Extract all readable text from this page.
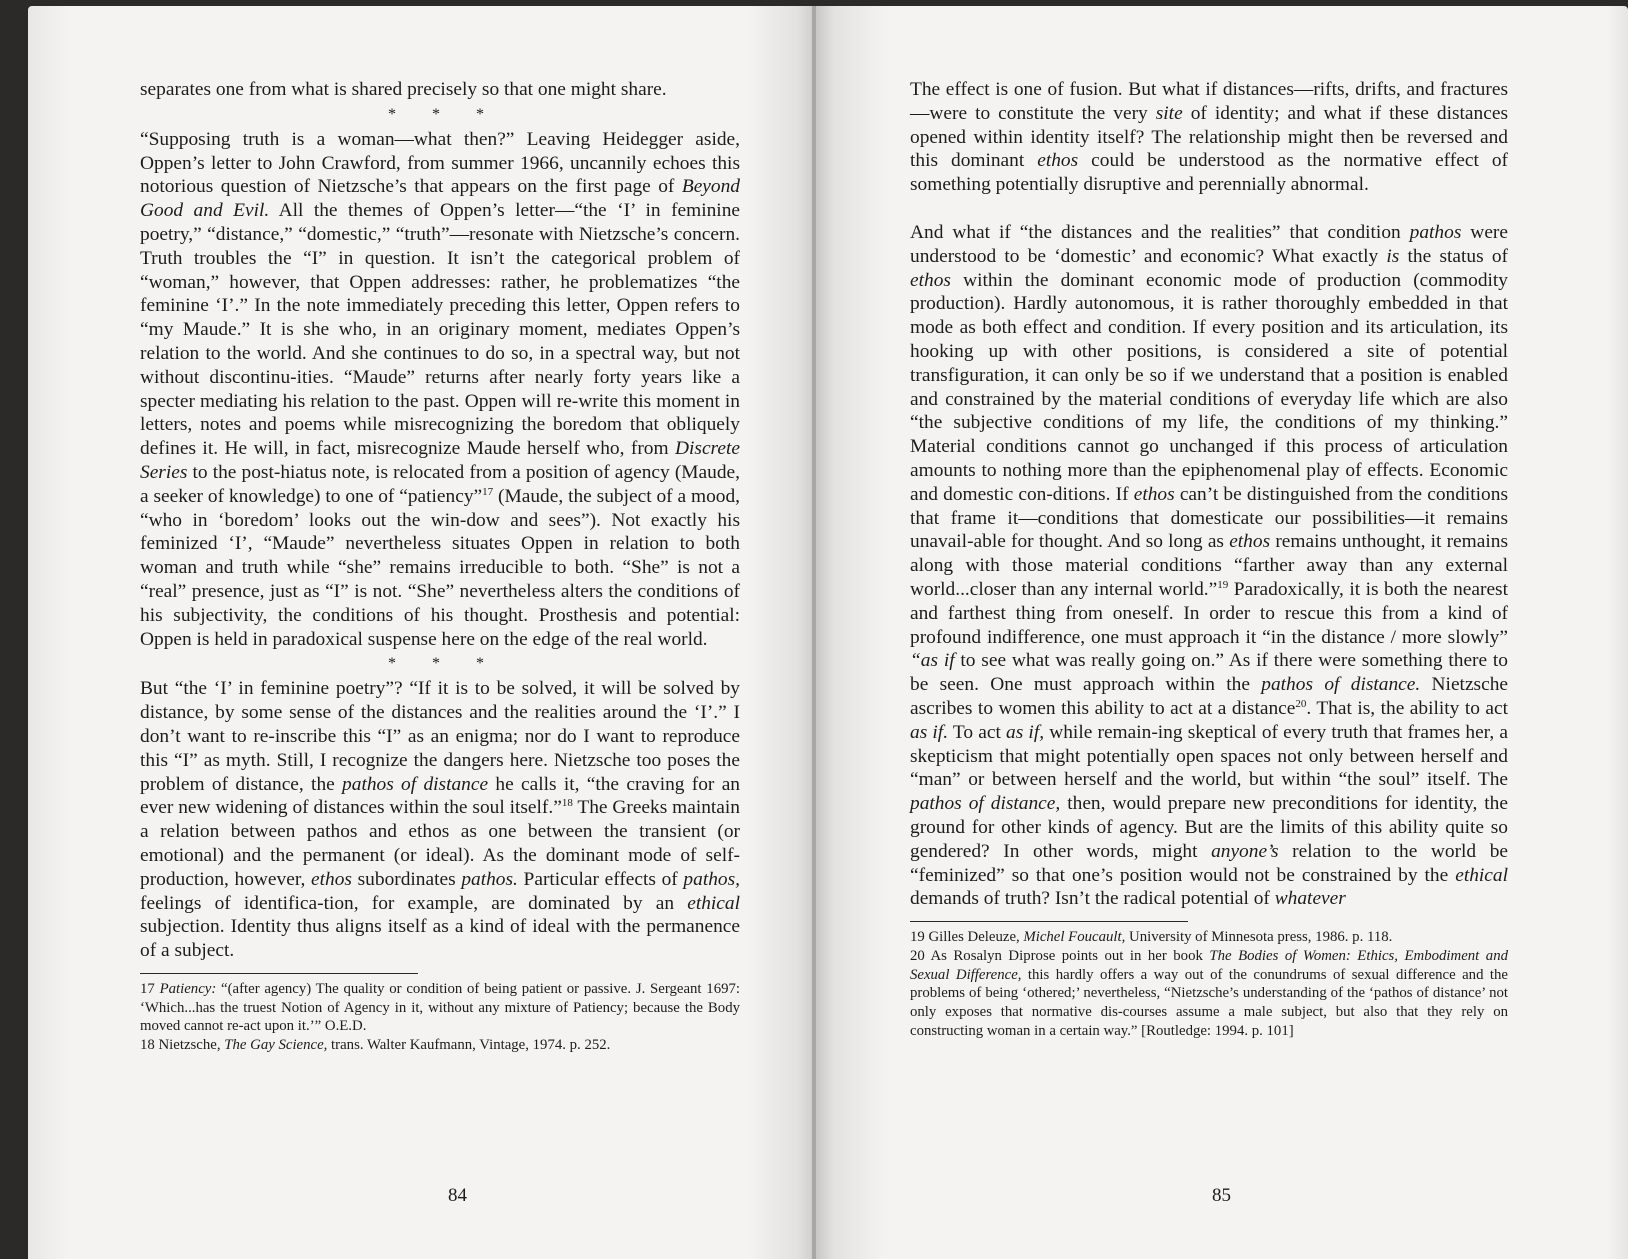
separates one from what is shared precisely so that one might share.

* * *

“Supposing truth is a woman—what then?” Leaving Heidegger aside, Oppen’s letter to John Crawford, from summer 1966, uncannily echoes this notorious question of Nietzsche’s that appears on the first page of Beyond Good and Evil. All the themes of Oppen’s letter—“the ‘I’ in feminine poetry,” “distance,” “domestic,” “truth”—resonate with Nietzsche’s concern. Truth troubles the “I” in question. It isn’t the categorical problem of “woman,” however, that Oppen addresses: rather, he problematizes “the feminine ‘I’.” In the note immediately preceding this letter, Oppen refers to “my Maude.” It is she who, in an originary moment, mediates Oppen’s relation to the world. And she continues to do so, in a spectral way, but not without discontinu-ities. “Maude” returns after nearly forty years like a specter mediating his relation to the past. Oppen will re-write this moment in letters, notes and poems while misrecognizing the boredom that obliquely defines it. He will, in fact, misrecognize Maude herself who, from Discrete Series to the post-hiatus note, is relocated from a position of agency (Maude, a seeker of knowledge) to one of “patiency”$^{17}$ (Maude, the subject of a mood, “who in ‘boredom’ looks out the win-dow and sees”). Not exactly his feminized ‘I’, “Maude” nevertheless situates Oppen in relation to both woman and truth while “she” remains irreducible to both. “She” is not a “real” presence, just as “I” is not. “She” nevertheless alters the conditions of his subjectivity, the conditions of his thought. Prosthesis and potential: Oppen is held in paradoxical suspense here on the edge of the real world.

* * *

But “the ‘I’ in feminine poetry”? “If it is to be solved, it will be solved by distance, by some sense of the distances and the realities around the ‘I’.” I don’t want to re-inscribe this “I” as an enigma; nor do I want to reproduce this “I” as myth. Still, I recognize the dangers here. Nietzsche too poses the problem of distance, the pathos of distance he calls it, “the craving for an ever new widening of distances within the soul itself.”$^{18}$ The Greeks maintain a relation between pathos and ethos as one between the transient (or emotional) and the permanent (or ideal). As the dominant mode of self-production, however, ethos subordinates pathos. Particular effects of pathos, feelings of identifica-tion, for example, are dominated by an ethical subjection. Identity thus aligns itself as a kind of ideal with the permanence of a subject.

17 Patiency: “(after agency) The quality or condition of being patient or passive. J. Sergeant 1697: ‘Which...has the truest Notion of Agency in it, without any mixture of Patiency; because the Body moved cannot re-act upon it.’” O.E.D.

18 Nietzsche, The Gay Science, trans. Walter Kaufmann, Vintage, 1974. p. 252.

84

The effect is one of fusion. But what if distances—rifts, drifts, and fractures—were to constitute the very site of identity; and what if these distances opened within identity itself? The relationship might then be reversed and this dominant ethos could be understood as the normative effect of something potentially disruptive and perennially abnormal.

And what if “the distances and the realities” that condition pathos were understood to be ‘domestic’ and economic? What exactly is the status of ethos within the dominant economic mode of production (commodity production). Hardly autonomous, it is rather thoroughly embedded in that mode as both effect and condition. If every position and its articulation, its hooking up with other positions, is considered a site of potential transfiguration, it can only be so if we understand that a position is enabled and constrained by the material conditions of everyday life which are also “the subjective conditions of my life, the conditions of my thinking.” Material conditions cannot go unchanged if this process of articulation amounts to nothing more than the epiphenomenal play of effects. Economic and domestic con-ditions. If ethos can’t be distinguished from the conditions that frame it—conditions that domesticate our possibilities—it remains unavail-able for thought. And so long as ethos remains unthought, it remains along with those material conditions “farther away than any external world...closer than any internal world.”$^{19}$ Paradoxically, it is both the nearest and farthest thing from oneself. In order to rescue this from a kind of profound indifference, one must approach it “in the distance / more slowly” “as if to see what was really going on.” As if there were something there to be seen. One must approach within the pathos of distance. Nietzsche ascribes to women this ability to act at a distance$^{20}$. That is, the ability to act as if. To act as if, while remain-ing skeptical of every truth that frames her, a skepticism that might potentially open spaces not only between herself and “man” or between herself and the world, but within “the soul” itself. The pathos of distance, then, would prepare new preconditions for identity, the ground for other kinds of agency. But are the limits of this ability quite so gendered? In other words, might anyone’s relation to the world be “feminized” so that one’s position would not be constrained by the ethical demands of truth? Isn’t the radical potential of whatever

19 Gilles Deleuze, Michel Foucault, University of Minnesota press, 1986. p. 118.

20 As Rosalyn Diprose points out in her book The Bodies of Women: Ethics, Embodiment and Sexual Difference, this hardly offers a way out of the conundrums of sexual difference and the problems of being ‘othered;’ nevertheless, “Nietzsche’s understanding of the ‘pathos of distance’ not only exposes that normative dis-courses assume a male subject, but also that they rely on constructing woman in a certain way.” [Routledge: 1994. p. 101]

85
